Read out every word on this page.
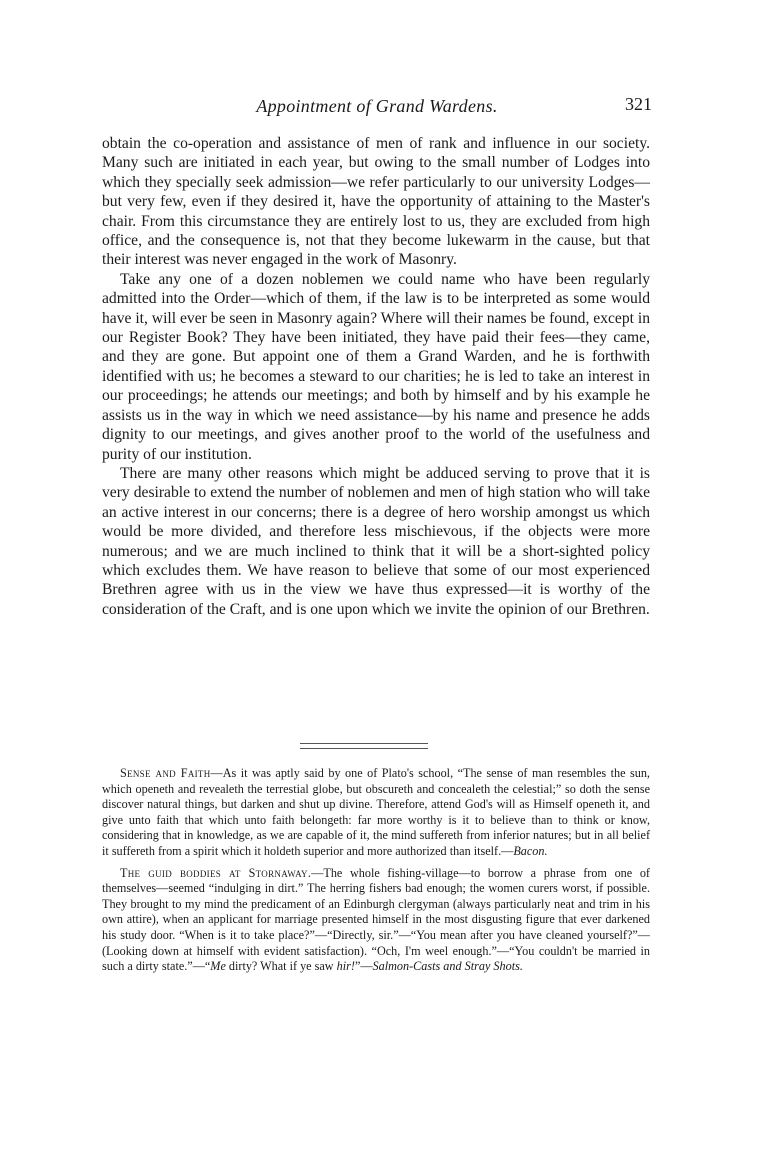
Appointment of Grand Wardens.	321

obtain the co-operation and assistance of men of rank and influence in our society. Many such are initiated in each year, but owing to the small number of Lodges into which they specially seek admission—we refer particularly to our university Lodges—but very few, even if they desired it, have the opportunity of attaining to the Master's chair. From this circumstance they are entirely lost to us, they are excluded from high office, and the consequence is, not that they become lukewarm in the cause, but that their interest was never engaged in the work of Masonry.

Take any one of a dozen noblemen we could name who have been regularly admitted into the Order—which of them, if the law is to be interpreted as some would have it, will ever be seen in Masonry again? Where will their names be found, except in our Register Book? They have been initiated, they have paid their fees—they came, and they are gone. But appoint one of them a Grand Warden, and he is forthwith identified with us; he becomes a steward to our charities; he is led to take an interest in our proceedings; he attends our meetings; and both by himself and by his example he assists us in the way in which we need assistance—by his name and presence he adds dignity to our meetings, and gives another proof to the world of the usefulness and purity of our institution.

There are many other reasons which might be adduced serving to prove that it is very desirable to extend the number of noblemen and men of high station who will take an active interest in our concerns; there is a degree of hero worship amongst us which would be more divided, and therefore less mischievous, if the objects were more numerous; and we are much inclined to think that it will be a short-sighted policy which excludes them. We have reason to believe that some of our most experienced Brethren agree with us in the view we have thus expressed—it is worthy of the consideration of the Craft, and is one upon which we invite the opinion of our Brethren.

Sense and Faith—As it was aptly said by one of Plato's school, “The sense of man resembles the sun, which openeth and revealeth the terrestial globe, but obscureth and concealeth the celestial;” so doth the sense discover natural things, but darken and shut up divine. Therefore, attend God's will as Himself openeth it, and give unto faith that which unto faith belongeth: far more worthy is it to believe than to think or know, considering that in knowledge, as we are capable of it, the mind suffereth from inferior natures; but in all belief it suffereth from a spirit which it holdeth superior and more authorized than itself.—Bacon.

The guid boddies at Stornaway.—The whole fishing-village—to borrow a phrase from one of themselves—seemed “indulging in dirt.” The herring fishers bad enough; the women curers worst, if possible. They brought to my mind the predicament of an Edinburgh clergyman (always particularly neat and trim in his own attire), when an applicant for marriage presented himself in the most disgusting figure that ever darkened his study door. “When is it to take place?”—“Directly, sir.”—“You mean after you have cleaned yourself?”—(Looking down at himself with evident satisfaction). “Och, I'm weel enough.”—“You couldn't be married in such a dirty state.”—“Me dirty? What if ye saw hir!”—Salmon-Casts and Stray Shots.
